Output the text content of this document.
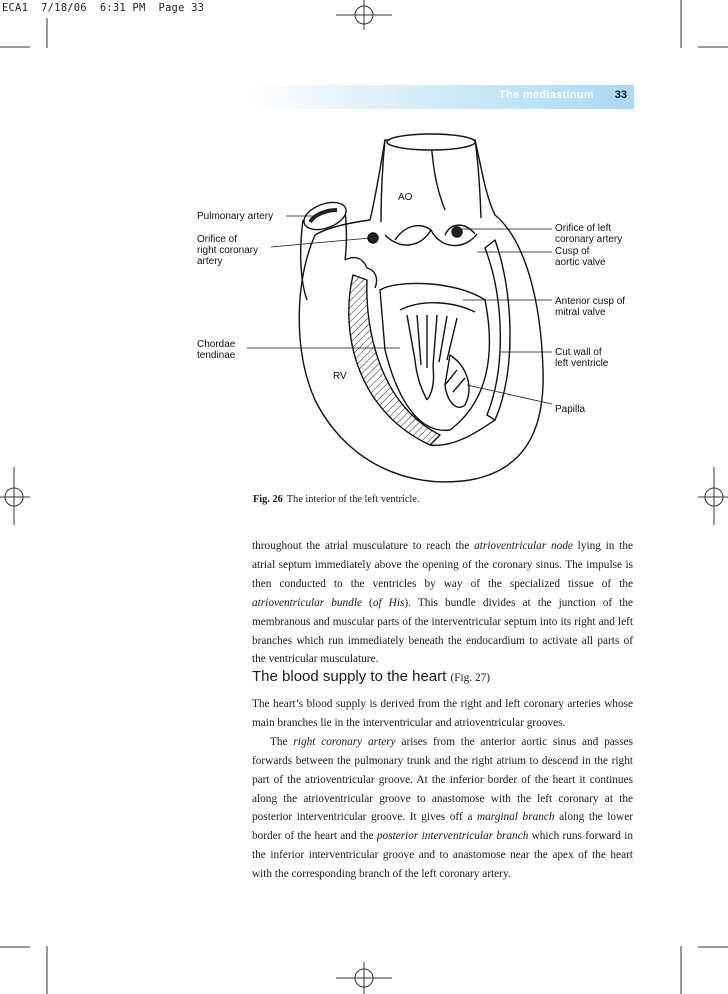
ECA1  7/18/06  6:31 PM  Page 33
The mediastinum 33
AO
RV
Pulmonary artery
Orifice of
right coronary
artery
Chordae
tendinae
Orifice of left
coronary artery
Cusp of
aortic valve
Anterior cusp of
mitral valve
Cut wall of
left ventricle
Papilla
Fig. 26 The interior of the left ventricle.

throughout the atrial musculature to reach the atrioventricular node lying in the atrial septum immediately above the opening of the coronary sinus. The impulse is then conducted to the ventricles by way of the specialized tissue of the atrioventricular bundle (of His). This bundle divides at the junction of the membranous and muscular parts of the interventricular septum into its right and left branches which run immediately beneath the endocardium to activate all parts of the ventricular musculature.

The blood supply to the heart (Fig. 27)

The heart’s blood supply is derived from the right and left coronary arteries whose main branches lie in the interventricular and atrioventricular grooves.

The right coronary artery arises from the anterior aortic sinus and passes forwards between the pulmonary trunk and the right atrium to descend in the right part of the atrioventricular groove. At the inferior border of the heart it continues along the atrioventricular groove to anastomose with the left coronary at the posterior interventricular groove. It gives off a marginal branch along the lower border of the heart and the posterior interventricular branch which runs forward in the inferior interventricular groove and to anastomose near the apex of the heart with the corresponding branch of the left coronary artery.
